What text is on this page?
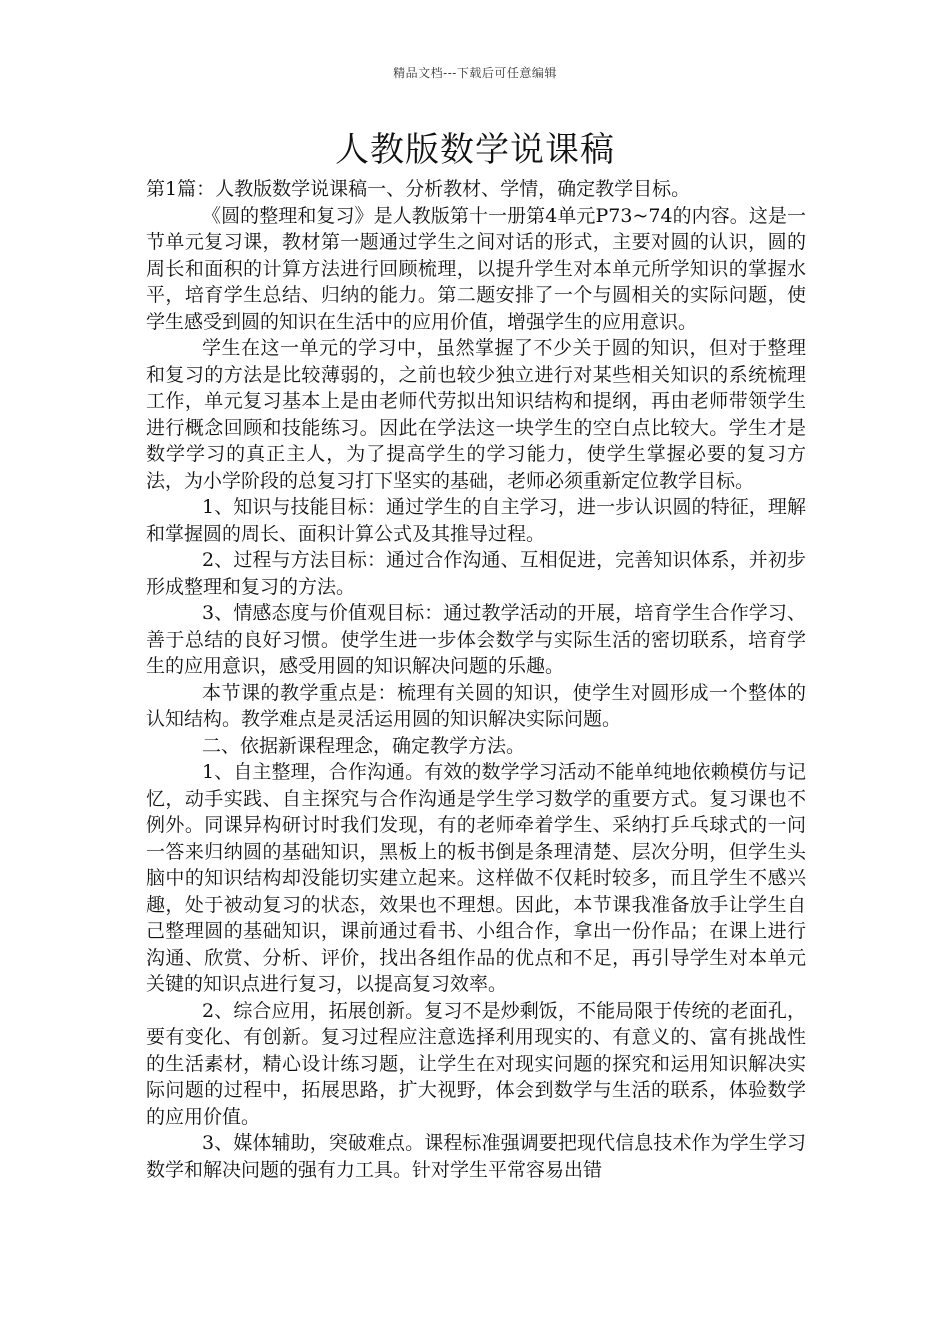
精品文档---下载后可任意编辑
人教版数学说课稿

第1篇：人教版数学说课稿一、分析教材、学情，确定教学目标。

《圆的整理和复习》是人教版第十一册第4单元P73~74的内容。这是一节单元复习课，教材第一题通过学生之间对话的形式，主要对圆的认识，圆的周长和面积的计算方法进行回顾梳理，以提升学生对本单元所学知识的掌握水平，培育学生总结、归纳的能力。第二题安排了一个与圆相关的实际问题，使学生感受到圆的知识在生活中的应用价值，增强学生的应用意识。

学生在这一单元的学习中，虽然掌握了不少关于圆的知识，但对于整理和复习的方法是比较薄弱的，之前也较少独立进行对某些相关知识的系统梳理工作，单元复习基本上是由老师代劳拟出知识结构和提纲，再由老师带领学生进行概念回顾和技能练习。因此在学法这一块学生的空白点比较大。学生才是数学学习的真正主人，为了提高学生的学习能力，使学生掌握必要的复习方法，为小学阶段的总复习打下坚实的基础，老师必须重新定位教学目标。

1、知识与技能目标：通过学生的自主学习，进一步认识圆的特征，理解和掌握圆的周长、面积计算公式及其推导过程。

2、过程与方法目标：通过合作沟通、互相促进，完善知识体系，并初步形成整理和复习的方法。

3、情感态度与价值观目标：通过教学活动的开展，培育学生合作学习、善于总结的良好习惯。使学生进一步体会数学与实际生活的密切联系，培育学生的应用意识，感受用圆的知识解决问题的乐趣。

本节课的教学重点是：梳理有关圆的知识，使学生对圆形成一个整体的认知结构。教学难点是灵活运用圆的知识解决实际问题。

二、依据新课程理念，确定教学方法。

1、自主整理，合作沟通。有效的数学学习活动不能单纯地依赖模仿与记忆，动手实践、自主探究与合作沟通是学生学习数学的重要方式。复习课也不例外。同课异构研讨时我们发现，有的老师牵着学生、采纳打乒乓球式的一问一答来归纳圆的基础知识，黑板上的板书倒是条理清楚、层次分明，但学生头脑中的知识结构却没能切实建立起来。这样做不仅耗时较多，而且学生不感兴趣，处于被动复习的状态，效果也不理想。因此，本节课我准备放手让学生自己整理圆的基础知识，课前通过看书、小组合作，拿出一份作品；在课上进行沟通、欣赏、分析、评价，找出各组作品的优点和不足，再引导学生对本单元关键的知识点进行复习，以提高复习效率。

2、综合应用，拓展创新。复习不是炒剩饭，不能局限于传统的老面孔，要有变化、有创新。复习过程应注意选择利用现实的、有意义的、富有挑战性的生活素材，精心设计练习题，让学生在对现实问题的探究和运用知识解决实际问题的过程中，拓展思路，扩大视野，体会到数学与生活的联系，体验数学的应用价值。

3、媒体辅助，突破难点。课程标准强调要把现代信息技术作为学生学习数学和解决问题的强有力工具。针对学生平常容易出错
